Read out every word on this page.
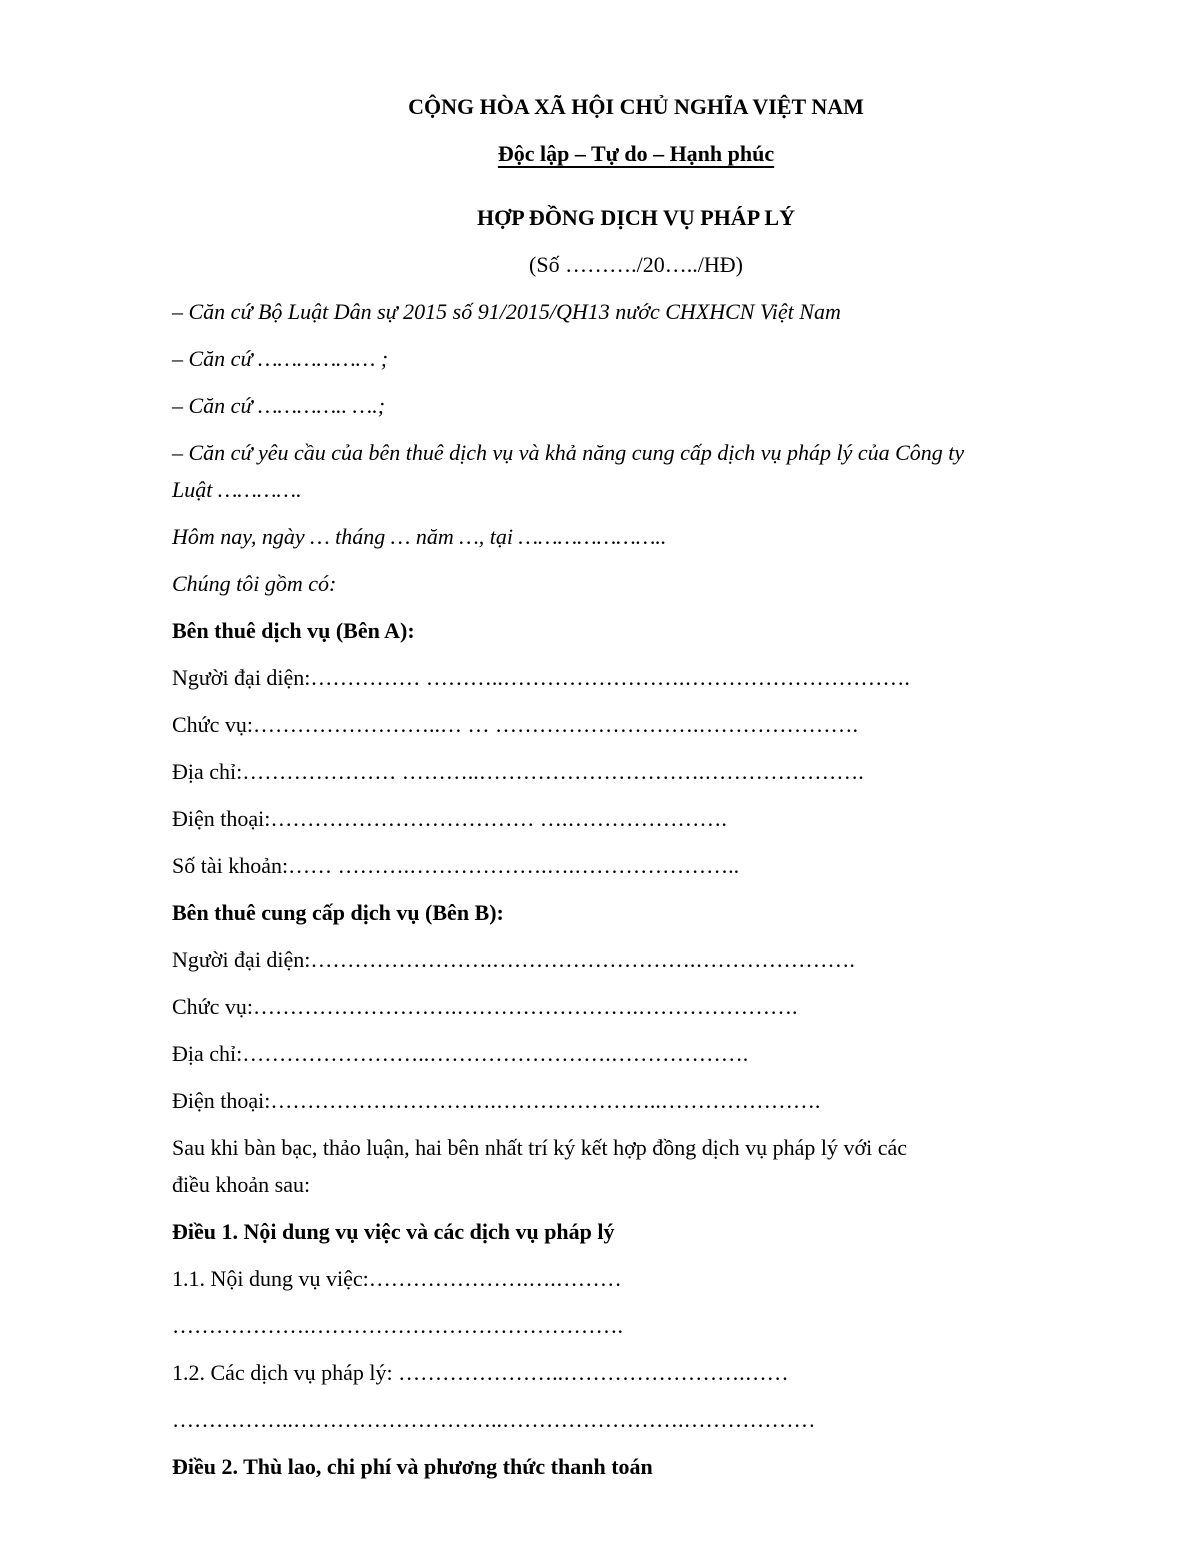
CỘNG HÒA XÃ HỘI CHỦ NGHĨA VIỆT NAM

Độc lập – Tự do – Hạnh phúc

HỢP ĐỒNG DỊCH VỤ PHÁP LÝ

(Số ………./20…../HĐ)

– Căn cứ Bộ Luật Dân sự 2015 số 91/2015/QH13 nước CHXHCN Việt Nam

– Căn cứ ……………… ;

– Căn cứ ………….. ….;

– Căn cứ yêu cầu của bên thuê dịch vụ và khả năng cung cấp dịch vụ pháp lý của Công ty
Luật ………….

Hôm nay, ngày … tháng … năm …, tại …………………..

Chúng tôi gồm có:

Bên thuê dịch vụ (Bên A):

Người đại diện:…………… ………..…………………….………………………….

Chức vụ:……………………..… … ……………………….………………….

Địa chỉ:………………… ………..………………………….………………….

Điện thoại:……………………………… ….………………….

Số tài khoản:…… ……….……………….….…………………..

Bên thuê cung cấp dịch vụ (Bên B):

Người đại diện:…………………….……………………….………………….

Chức vụ:……………………….…………………….………………….

Địa chỉ:……………………..…………………….……………….

Điện thoại:………………………….…………………..………………….

Sau khi bàn bạc, thảo luận, hai bên nhất trí ký kết hợp đồng dịch vụ pháp lý với các
điều khoản sau:

Điều 1. Nội dung vụ việc và các dịch vụ pháp lý

1.1. Nội dung vụ việc:………………….….………

……………….…………………………………….

1.2. Các dịch vụ pháp lý: …………………..…………………….……

……………..………………………..…………………….………………

Điều 2. Thù lao, chi phí và phương thức thanh toán
